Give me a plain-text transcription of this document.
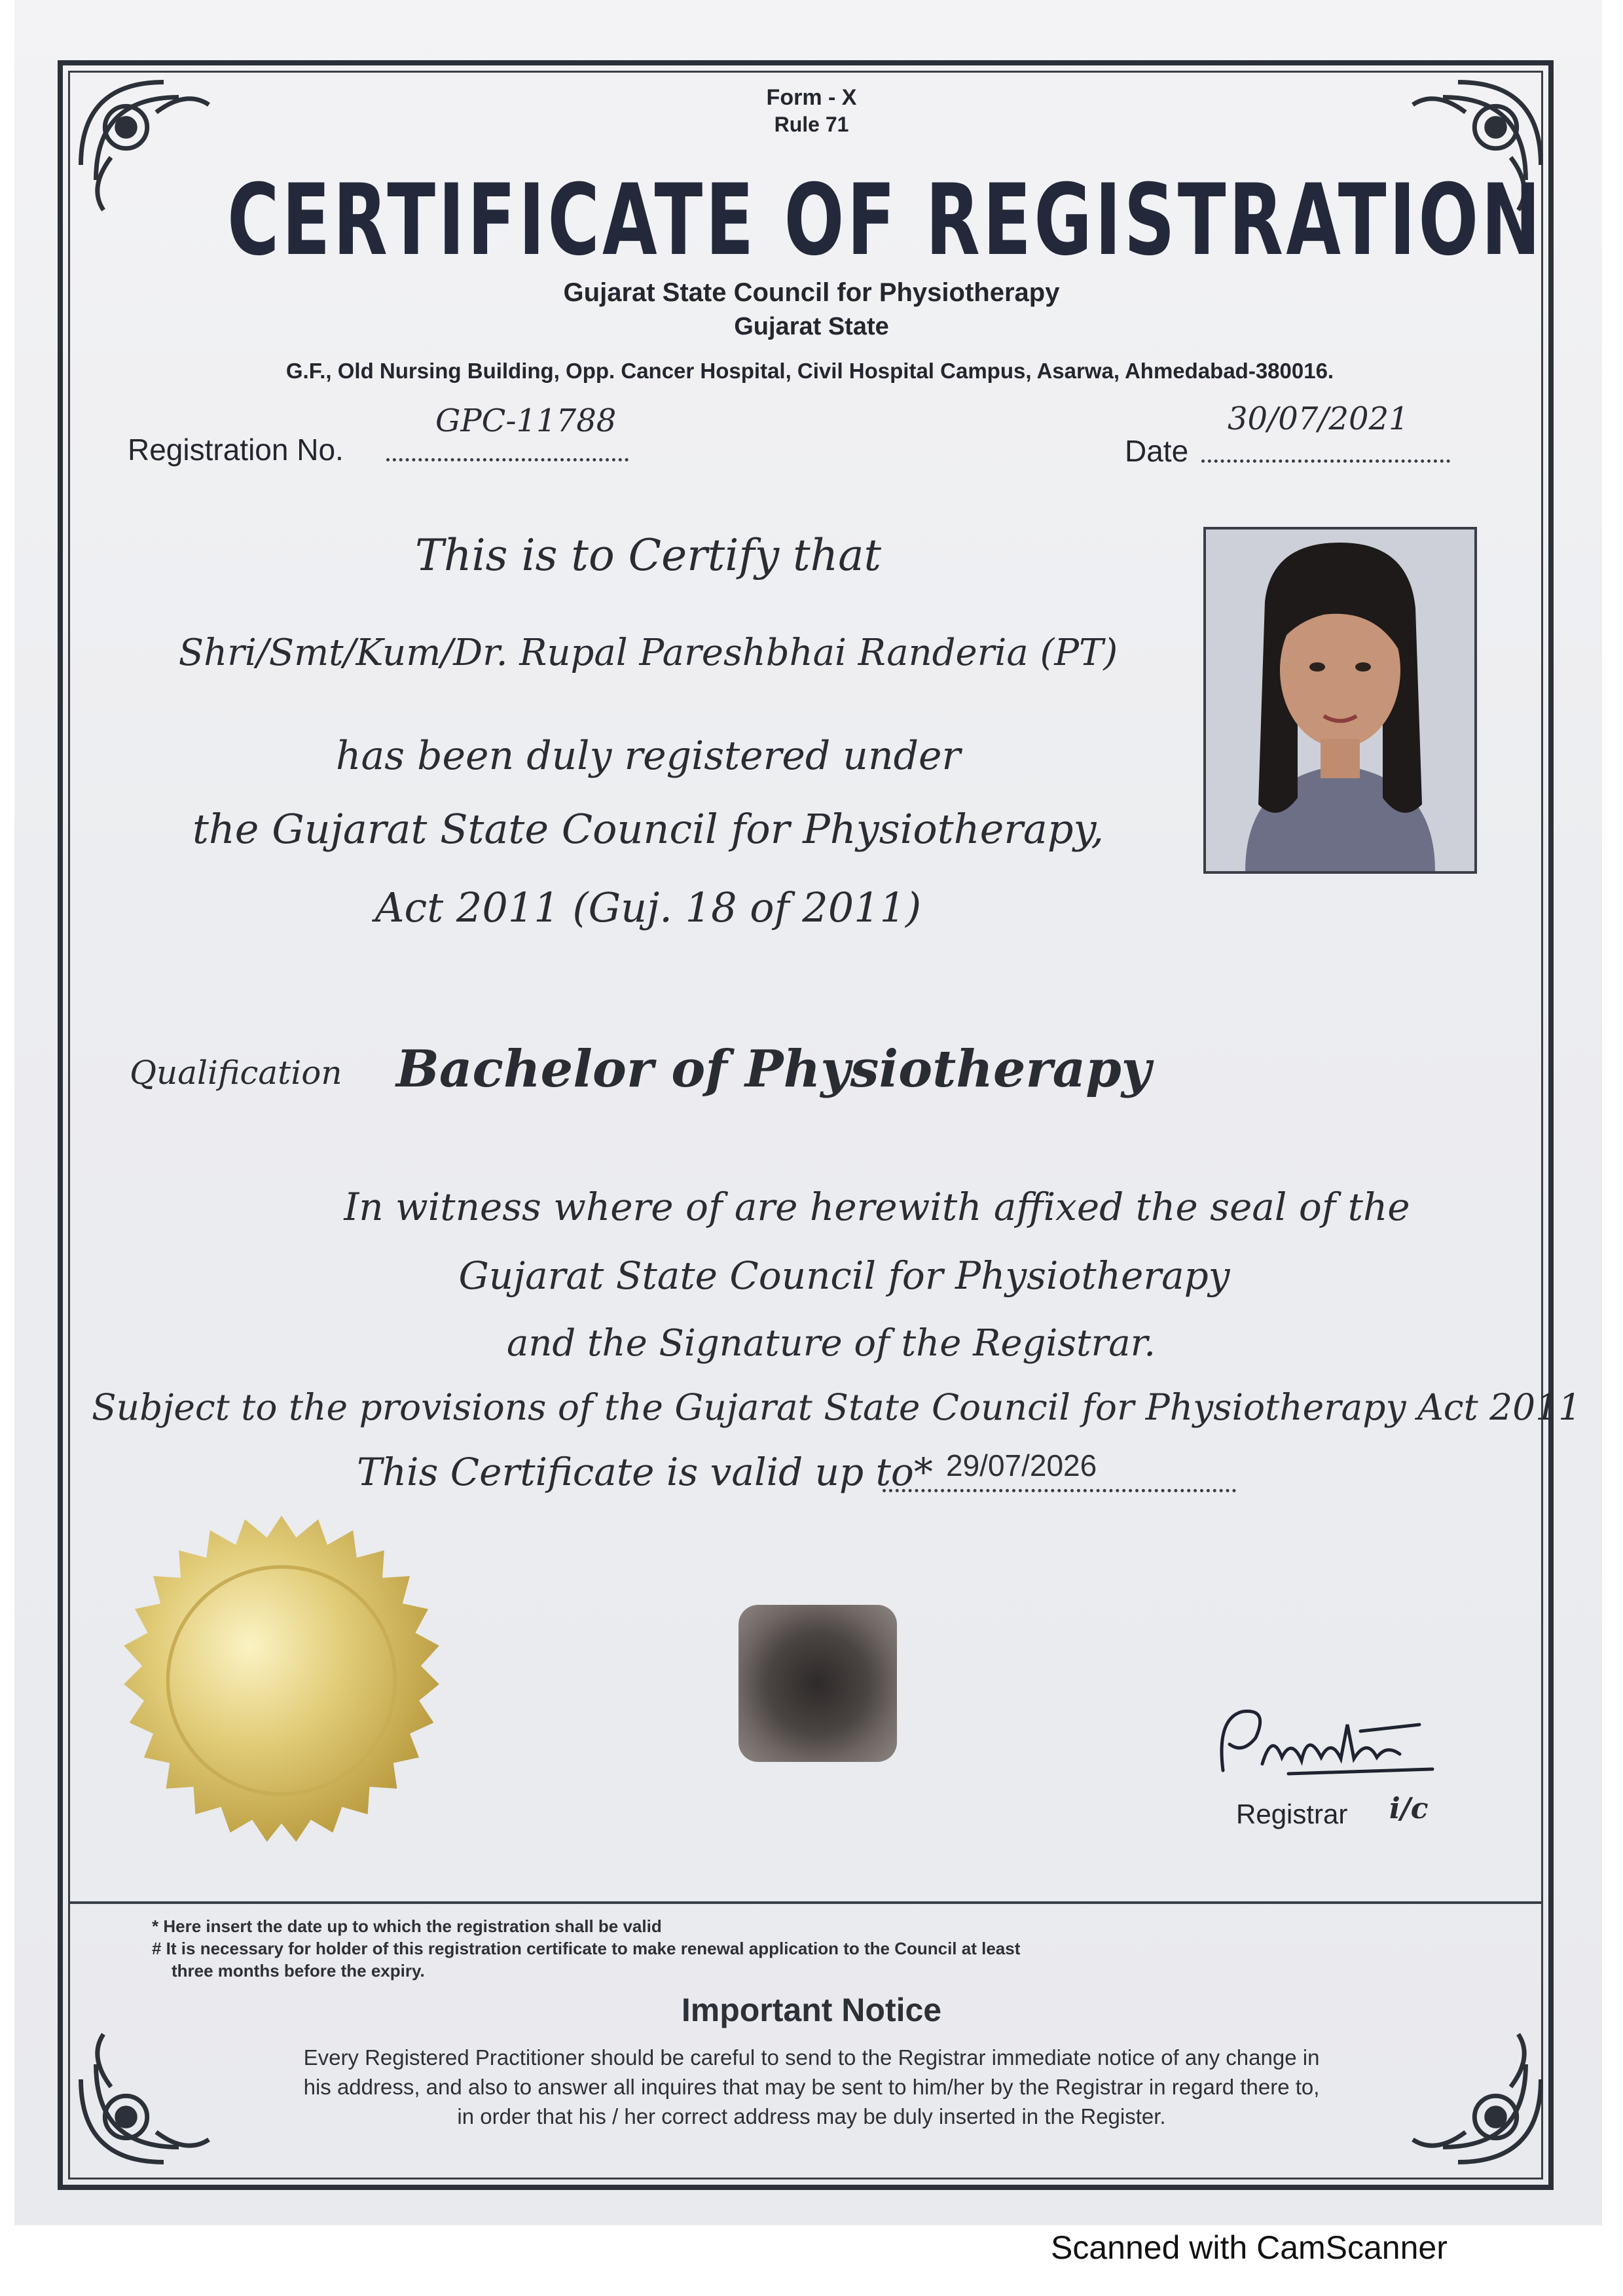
Form - X
Rule 71
CERTIFICATE OF REGISTRATION
Gujarat State Council for Physiotherapy
Gujarat State
G.F., Old Nursing Building, Opp. Cancer Hospital, Civil Hospital Campus, Asarwa, Ahmedabad-380016.
Registration No.
GPC-11788
Date
30/07/2021
This is to Certify that
Shri/Smt/Kum/Dr. Rupal Pareshbhai Randeria (PT)
has been duly registered under
the Gujarat State Council for Physiotherapy,
Act 2011 (Guj. 18 of 2011)
Qualification Bachelor of Physiotherapy
In witness where of are herewith affixed the seal of the
Gujarat State Council for Physiotherapy
and the Signature of the Registrar.
Subject to the provisions of the Gujarat State Council for Physiotherapy Act 2011
This Certificate is valid up to* 29/07/2026
Registrar i/c
* Here insert the date up to which the registration shall be valid
# It is necessary for holder of this registration certificate to make renewal application to the Council at least
three months before the expiry.
Important Notice
Every Registered Practitioner should be careful to send to the Registrar immediate notice of any change in
his address, and also to answer all inquires that may be sent to him/her by the Registrar in regard there to,
in order that his / her correct address may be duly inserted in the Register.
Scanned with CamScanner
